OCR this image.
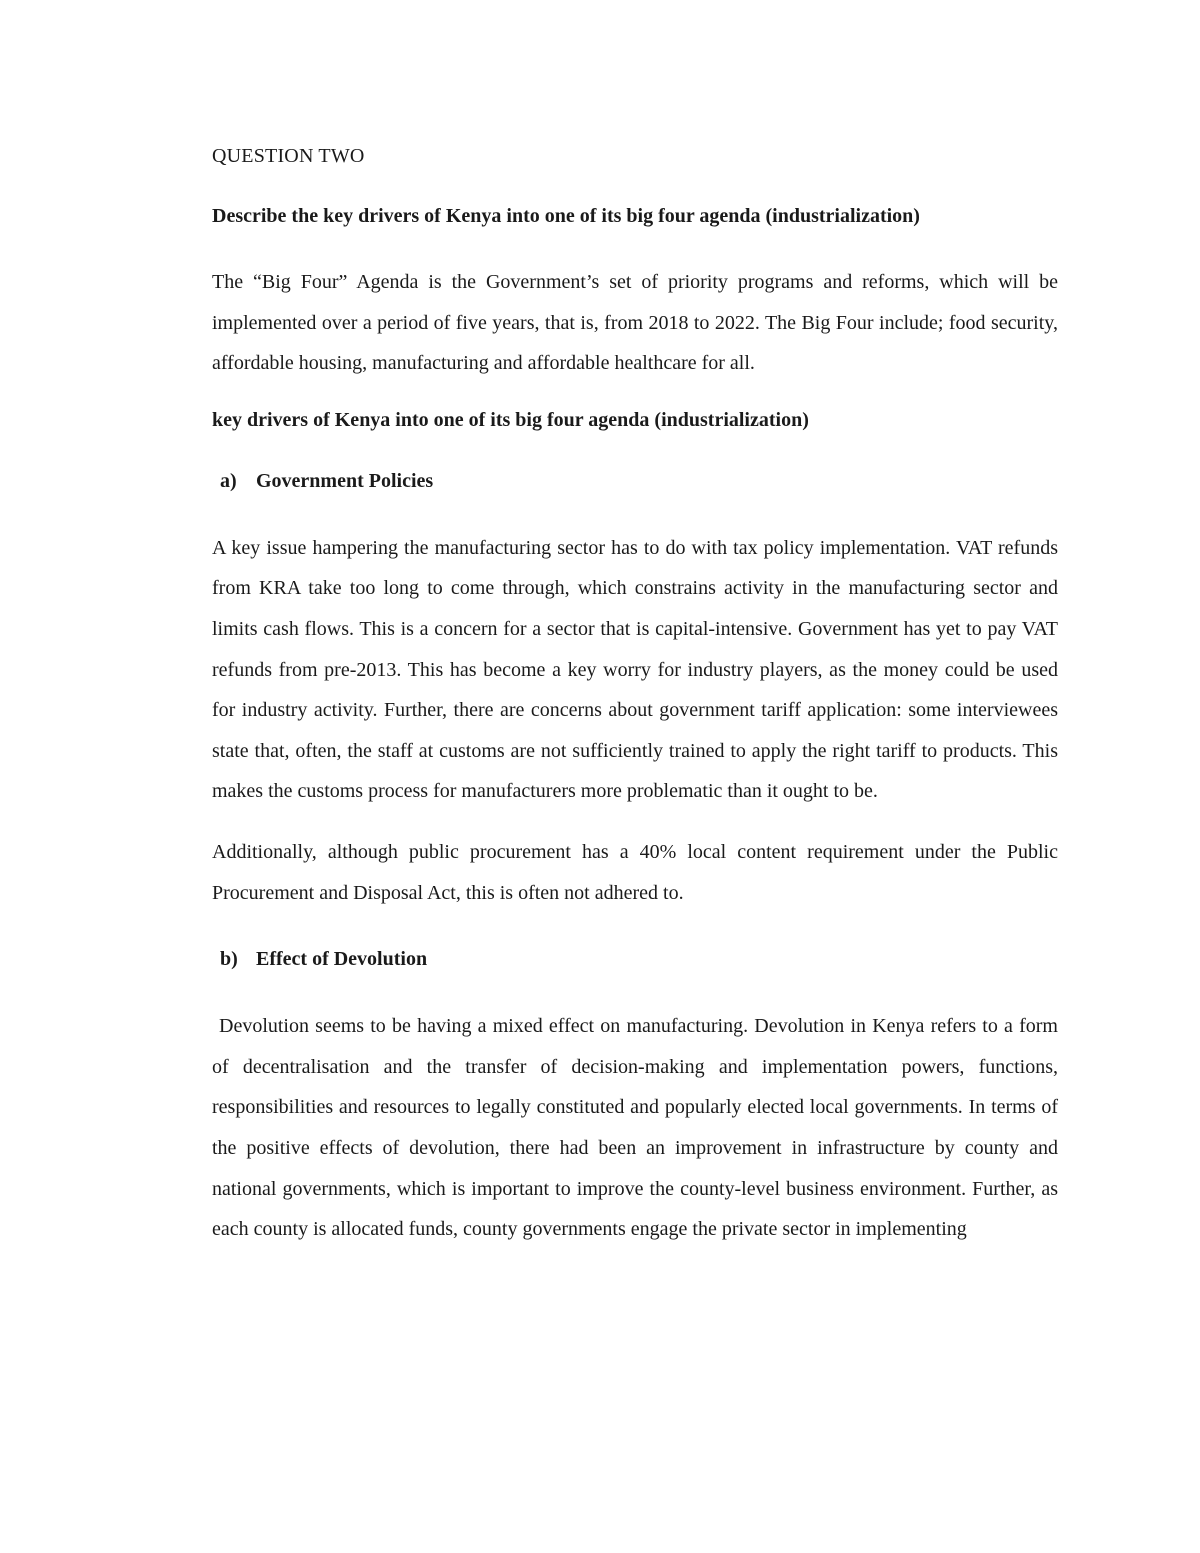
QUESTION TWO

Describe the key drivers of Kenya into one of its big four agenda (industrialization)

The “Big Four” Agenda is the Government’s set of priority programs and reforms, which will be implemented over a period of five years, that is, from 2018 to 2022. The Big Four include; food security, affordable housing, manufacturing and affordable healthcare for all.

key drivers of Kenya into one of its big four agenda (industrialization)

a) Government Policies

A key issue hampering the manufacturing sector has to do with tax policy implementation. VAT refunds from KRA take too long to come through, which constrains activity in the manufacturing sector and limits cash flows. This is a concern for a sector that is capital-intensive. Government has yet to pay VAT refunds from pre-2013. This has become a key worry for industry players, as the money could be used for industry activity. Further, there are concerns about government tariff application: some interviewees state that, often, the staff at customs are not sufficiently trained to apply the right tariff to products. This makes the customs process for manufacturers more problematic than it ought to be.

Additionally, although public procurement has a 40% local content requirement under the Public Procurement and Disposal Act, this is often not adhered to.

b) Effect of Devolution

Devolution seems to be having a mixed effect on manufacturing. Devolution in Kenya refers to a form of decentralisation and the transfer of decision-making and implementation powers, functions, responsibilities and resources to legally constituted and popularly elected local governments. In terms of the positive effects of devolution, there had been an improvement in infrastructure by county and national governments, which is important to improve the county-level business environment. Further, as each county is allocated funds, county governments engage the private sector in implementing
